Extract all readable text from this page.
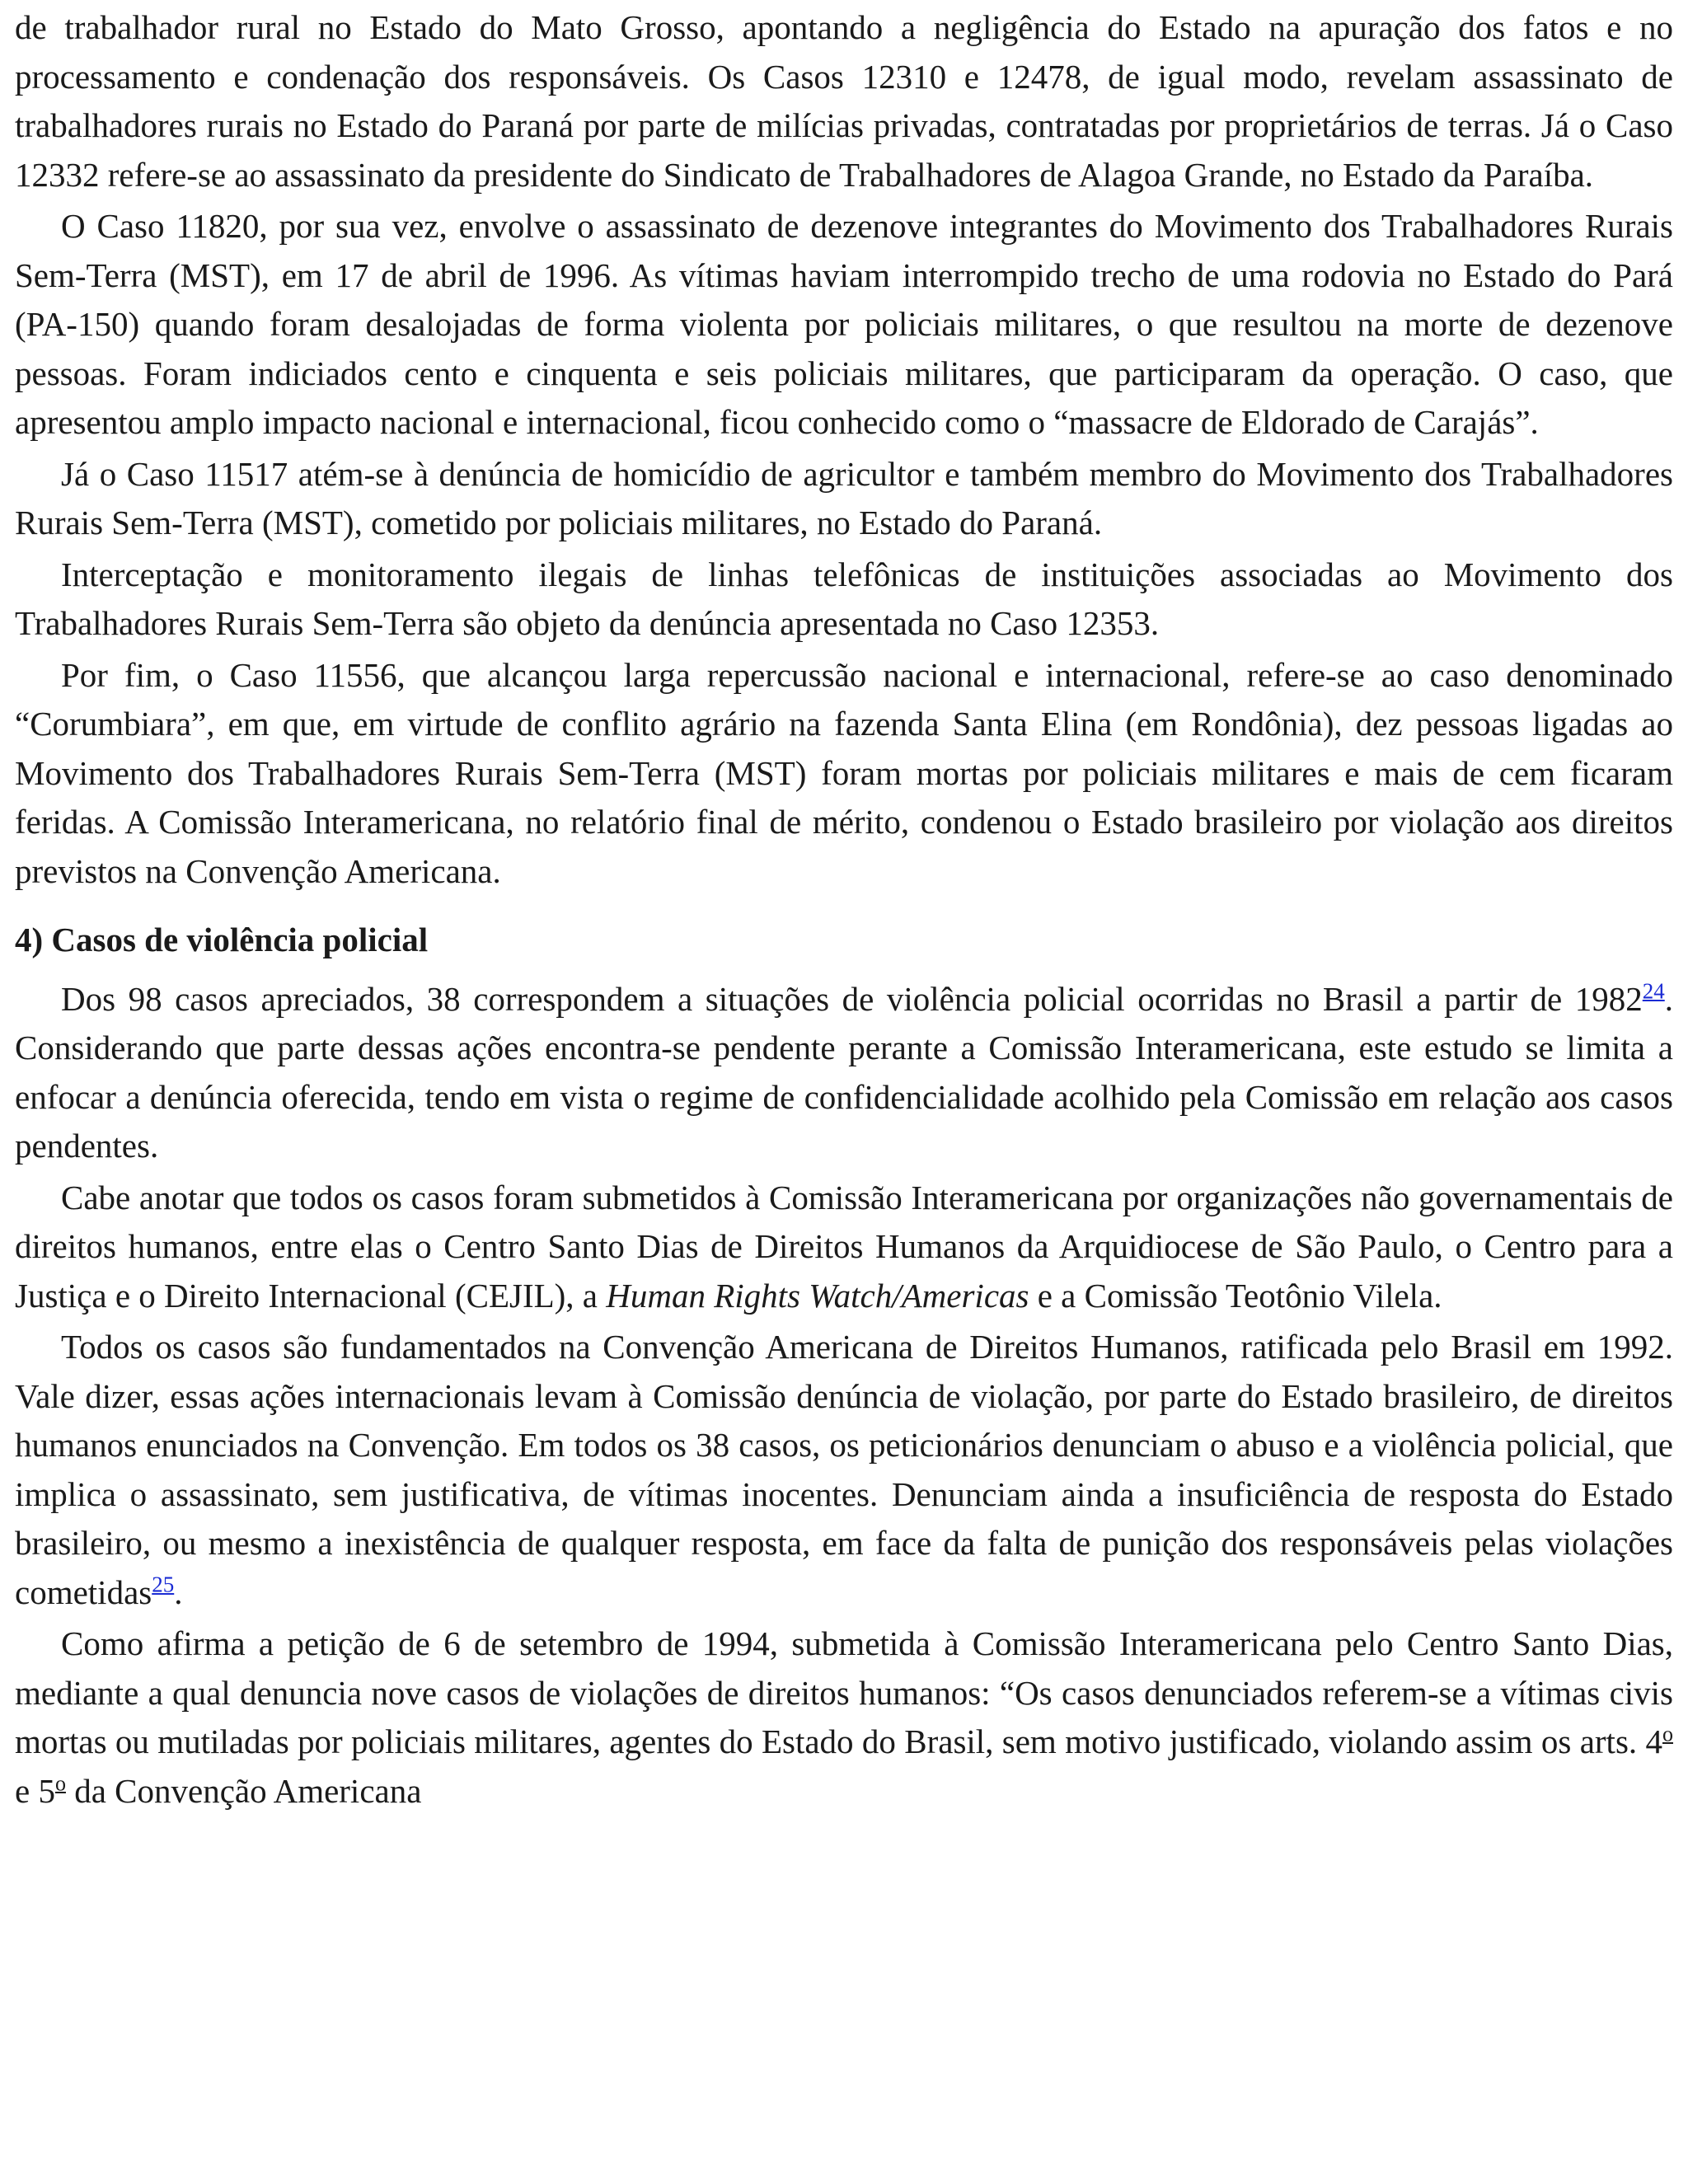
de trabalhador rural no Estado do Mato Grosso, apontando a negligência do Estado na apuração dos fatos e no processamento e condenação dos responsáveis. Os Casos 12310 e 12478, de igual modo, revelam assassinato de trabalhadores rurais no Estado do Paraná por parte de milícias privadas, contratadas por proprietários de terras. Já o Caso 12332 refere-se ao assassinato da presidente do Sindicato de Trabalhadores de Alagoa Grande, no Estado da Paraíba.

O Caso 11820, por sua vez, envolve o assassinato de dezenove integrantes do Movimento dos Trabalhadores Rurais Sem-Terra (MST), em 17 de abril de 1996. As vítimas haviam interrompido trecho de uma rodovia no Estado do Pará (PA-150) quando foram desalojadas de forma violenta por policiais militares, o que resultou na morte de dezenove pessoas. Foram indiciados cento e cinquenta e seis policiais militares, que participaram da operação. O caso, que apresentou amplo impacto nacional e internacional, ficou conhecido como o “massacre de Eldorado de Carajás”.

Já o Caso 11517 atém-se à denúncia de homicídio de agricultor e também membro do Movimento dos Trabalhadores Rurais Sem-Terra (MST), cometido por policiais militares, no Estado do Paraná.

Interceptação e monitoramento ilegais de linhas telefônicas de instituições associadas ao Movimento dos Trabalhadores Rurais Sem-Terra são objeto da denúncia apresentada no Caso 12353.

Por fim, o Caso 11556, que alcançou larga repercussão nacional e internacional, refere-se ao caso denominado “Corumbiara”, em que, em virtude de conflito agrário na fazenda Santa Elina (em Rondônia), dez pessoas ligadas ao Movimento dos Trabalhadores Rurais Sem-Terra (MST) foram mortas por policiais militares e mais de cem ficaram feridas. A Comissão Interamericana, no relatório final de mérito, condenou o Estado brasileiro por violação aos direitos previstos na Convenção Americana.

4) Casos de violência policial

Dos 98 casos apreciados, 38 correspondem a situações de violência policial ocorridas no Brasil a partir de 1982$^{24}$. Considerando que parte dessas ações encontra-se pendente perante a Comissão Interamericana, este estudo se limita a enfocar a denúncia oferecida, tendo em vista o regime de confidencialidade acolhido pela Comissão em relação aos casos pendentes.

Cabe anotar que todos os casos foram submetidos à Comissão Interamericana por organizações não governamentais de direitos humanos, entre elas o Centro Santo Dias de Direitos Humanos da Arquidiocese de São Paulo, o Centro para a Justiça e o Direito Internacional (CEJIL), a Human Rights Watch/Americas e a Comissão Teotônio Vilela.

Todos os casos são fundamentados na Convenção Americana de Direitos Humanos, ratificada pelo Brasil em 1992. Vale dizer, essas ações internacionais levam à Comissão denúncia de violação, por parte do Estado brasileiro, de direitos humanos enunciados na Convenção. Em todos os 38 casos, os peticionários denunciam o abuso e a violência policial, que implica o assassinato, sem justificativa, de vítimas inocentes. Denunciam ainda a insuficiência de resposta do Estado brasileiro, ou mesmo a inexistência de qualquer resposta, em face da falta de punição dos responsáveis pelas violações cometidas$^{25}$.

Como afirma a petição de 6 de setembro de 1994, submetida à Comissão Interamericana pelo Centro Santo Dias, mediante a qual denuncia nove casos de violações de direitos humanos: “Os casos denunciados referem-se a vítimas civis mortas ou mutiladas por policiais militares, agentes do Estado do Brasil, sem motivo justificado, violando assim os arts. 4$^o$ e 5$^o$ da Convenção Americana
